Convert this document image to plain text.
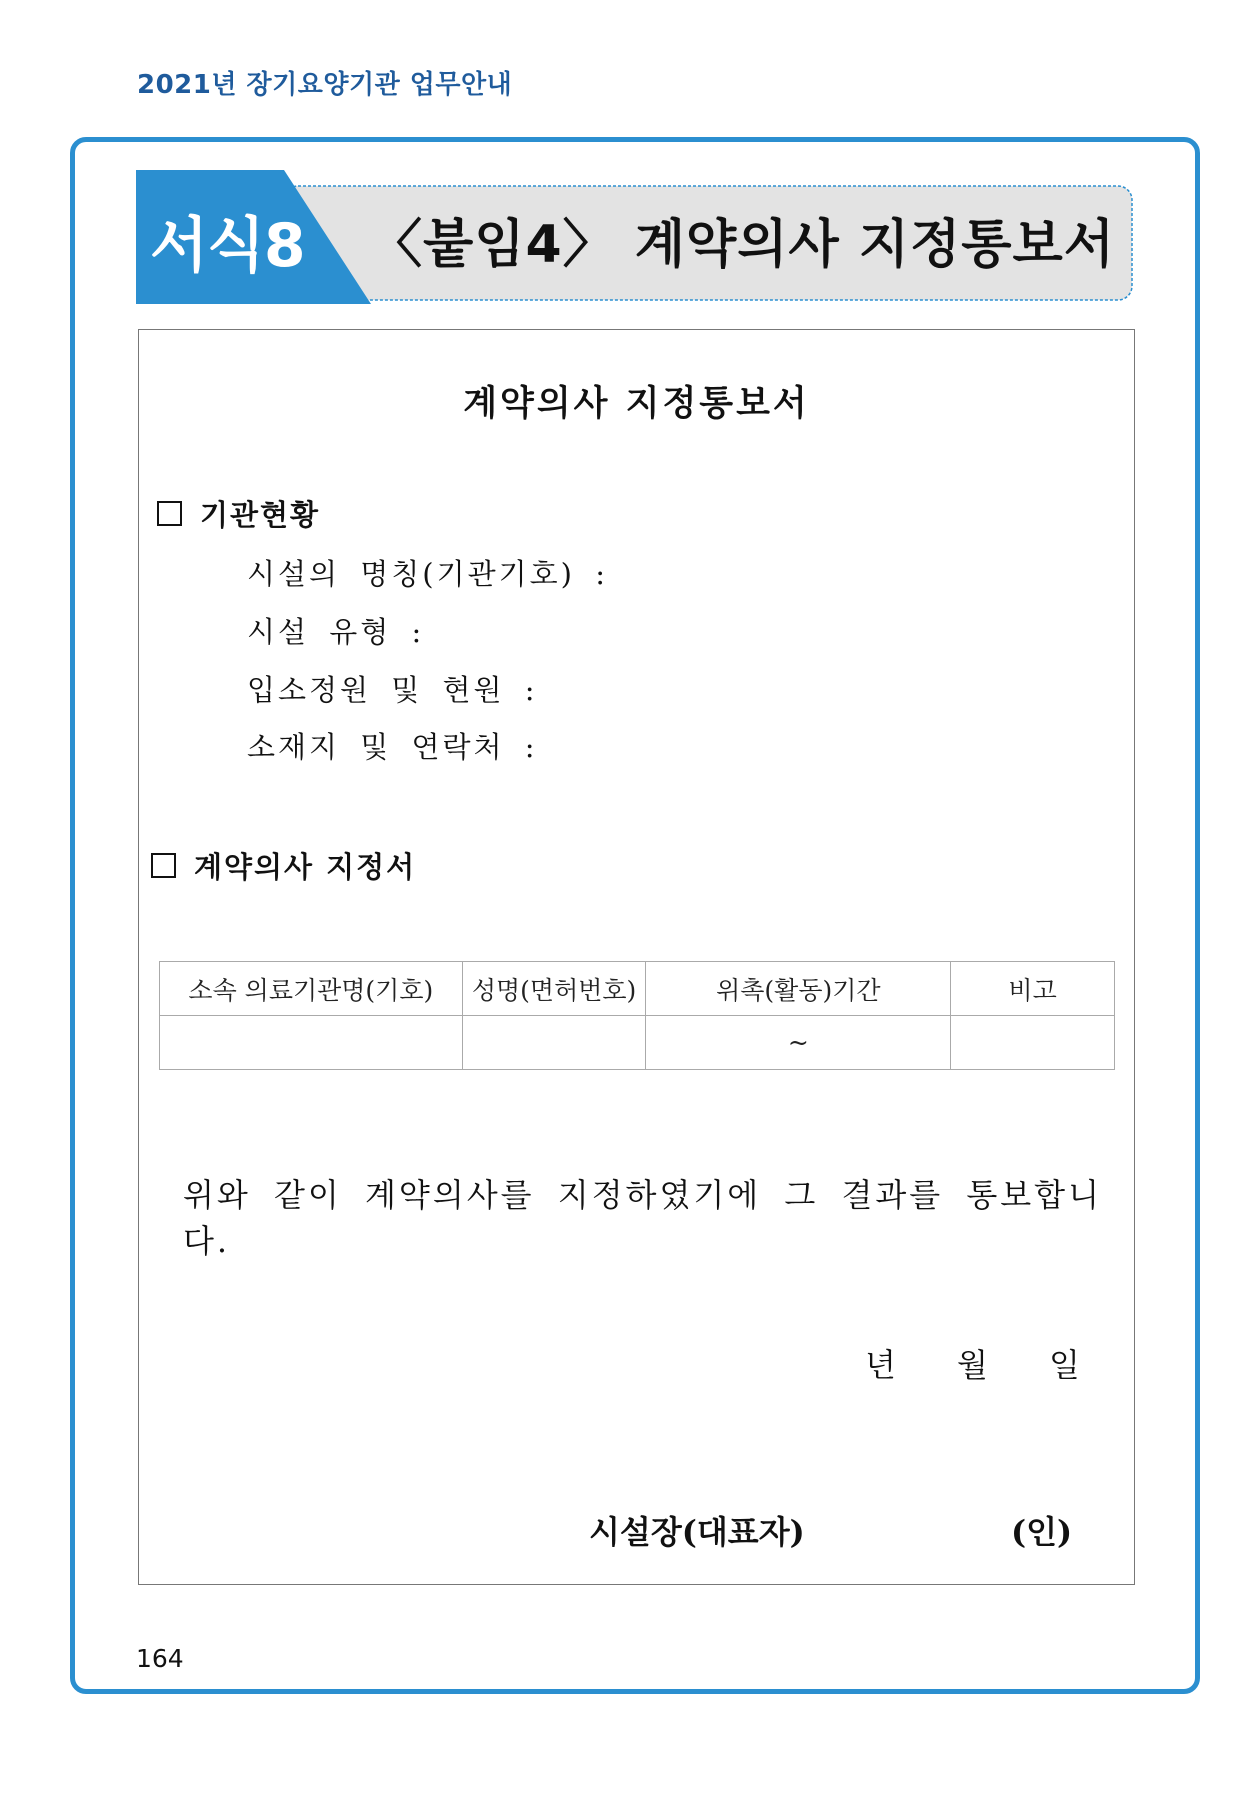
2021년 장기요양기관 업무안내
서식8 〈붙임4〉 계약의사 지정통보서
계약의사 지정통보서
기관현황
시설의 명칭(기관기호) :
시설 유형 :
입소정원 및 현원 :
소재지 및 연락처 :
계약의사 지정서
소속 의료기관명(기호)	성명(면허번호)	위촉(활동)기간	비고
		~	
위와 같이 계약의사를 지정하였기에 그 결과를 통보합니다.
년 월 일
시설장(대표자)	(인)
164
